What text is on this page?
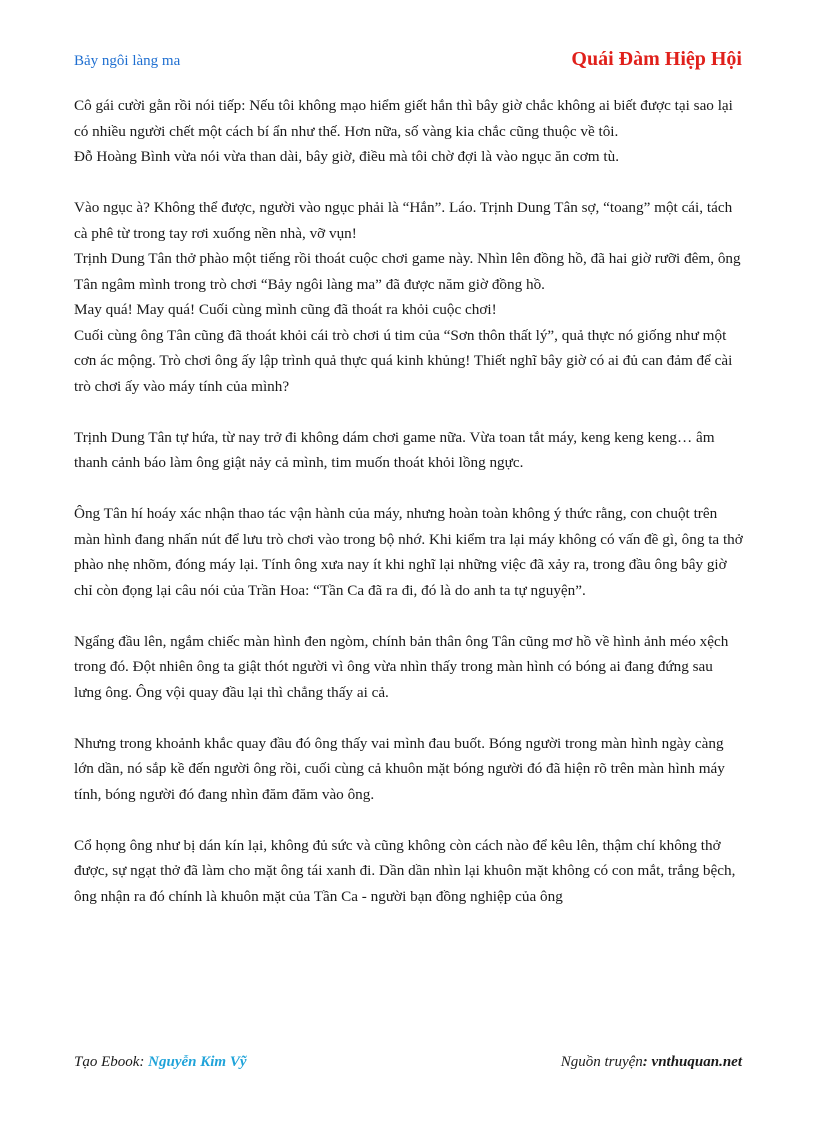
Bảy ngôi làng ma	Quái Đàm Hiệp Hội

Cô gái cười gằn rồi nói tiếp: Nếu tôi không mạo hiểm giết hắn thì bây giờ chắc không ai biết được tại sao lại có nhiều người chết một cách bí ẩn như thế. Hơn nữa, số vàng kia chắc cũng thuộc về tôi.

Đỗ Hoàng Bình vừa nói vừa than dài, bây giờ, điều mà tôi chờ đợi là vào ngục ăn cơm tù.

Vào ngục à? Không thể được, người vào ngục phải là “Hắn”. Láo. Trịnh Dung Tân sợ, “toang” một cái, tách cà phê từ trong tay rơi xuống nền nhà, vỡ vụn!

Trịnh Dung Tân thở phào một tiếng rồi thoát cuộc chơi game này. Nhìn lên đồng hồ, đã hai giờ rưỡi đêm, ông Tân ngâm mình trong trò chơi “Bảy ngôi làng ma” đã được năm giờ đồng hồ.

May quá! May quá! Cuối cùng mình cũng đã thoát ra khỏi cuộc chơi!

Cuối cùng ông Tân cũng đã thoát khỏi cái trò chơi ú tim của “Sơn thôn thất lý”, quả thực nó giống như một cơn ác mộng. Trò chơi ông ấy lập trình quả thực quá kinh khủng! Thiết nghĩ bây giờ có ai đủ can đảm để cài trò chơi ấy vào máy tính của mình?

Trịnh Dung Tân tự hứa, từ nay trở đi không dám chơi game nữa. Vừa toan tắt máy, keng keng keng… âm thanh cảnh báo làm ông giật nảy cả mình, tim muốn thoát khỏi lồng ngực.

Ông Tân hí hoáy xác nhận thao tác vận hành của máy, nhưng hoàn toàn không ý thức rằng, con chuột trên màn hình đang nhấn nút để lưu trò chơi vào trong bộ nhớ. Khi kiểm tra lại máy không có vấn đề gì, ông ta thở phào nhẹ nhõm, đóng máy lại. Tính ông xưa nay ít khi nghĩ lại những việc đã xảy ra, trong đầu ông bây giờ chỉ còn đọng lại câu nói của Trần Hoa: “Tần Ca đã ra đi, đó là do anh ta tự nguyện”.

Ngẩng đầu lên, ngắm chiếc màn hình đen ngòm, chính bản thân ông Tân cũng mơ hồ về hình ảnh méo xệch trong đó. Đột nhiên ông ta giật thót người vì ông vừa nhìn thấy trong màn hình có bóng ai đang đứng sau lưng ông. Ông vội quay đầu lại thì chẳng thấy ai cả.

Nhưng trong khoảnh khắc quay đầu đó ông thấy vai mình đau buốt. Bóng người trong màn hình ngày càng lớn dần, nó sắp kề đến người ông rồi, cuối cùng cả khuôn mặt bóng người đó đã hiện rõ trên màn hình máy tính, bóng người đó đang nhìn đăm đăm vào ông.

Cổ họng ông như bị dán kín lại, không đủ sức và cũng không còn cách nào để kêu lên, thậm chí không thở được, sự ngạt thở đã làm cho mặt ông tái xanh đi. Dần dần nhìn lại khuôn mặt không có con mắt, trắng bệch, ông nhận ra đó chính là khuôn mặt của Tần Ca - người bạn đồng nghiệp của ông

Tạo Ebook: Nguyễn Kim Vỹ	Nguồn truyện: vnthuquan.net
